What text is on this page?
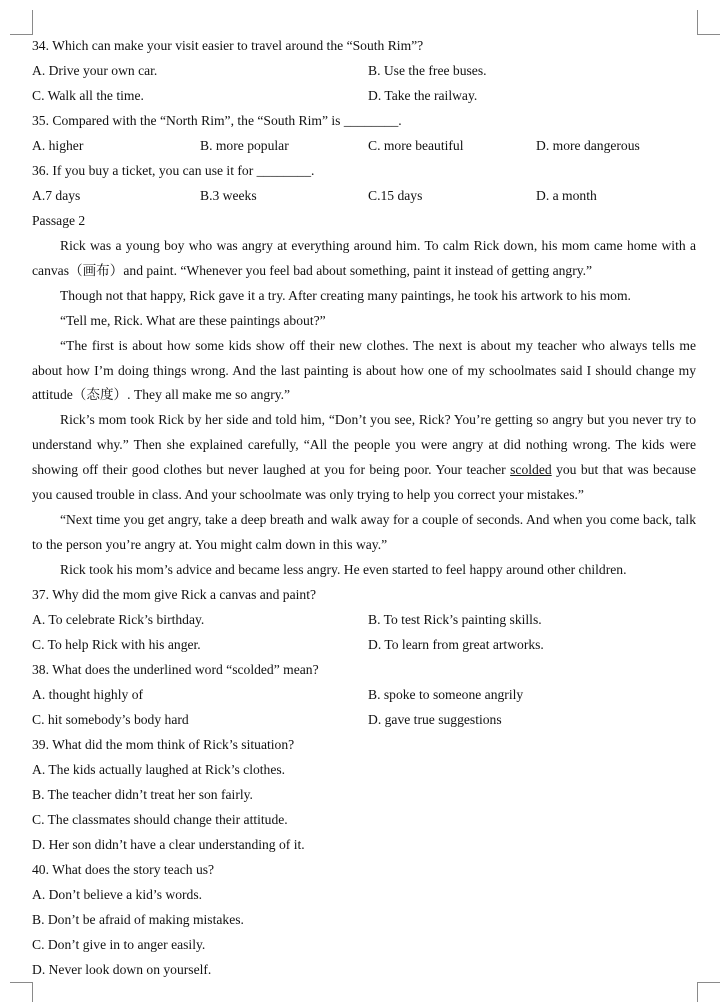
34. Which can make your visit easier to travel around the “South Rim”?
A. Drive your own car.	B. Use the free buses.
C. Walk all the time.	D. Take the railway.
35. Compared with the “North Rim”, the “South Rim” is ________.
A. higher	B. more popular	C. more beautiful	D. more dangerous
36. If you buy a ticket, you can use it for ________.
A.7 days	B.3 weeks	C.15 days	D. a month
Passage 2

Rick was a young boy who was angry at everything around him. To calm Rick down, his mom came home with a canvas（画布）and paint. “Whenever you feel bad about something, paint it instead of getting angry.”

Though not that happy, Rick gave it a try. After creating many paintings, he took his artwork to his mom.

“Tell me, Rick. What are these paintings about?”

“The first is about how some kids show off their new clothes. The next is about my teacher who always tells me about how I’m doing things wrong. And the last painting is about how one of my schoolmates said I should change my attitude（态度）. They all make me so angry.”

Rick’s mom took Rick by her side and told him, “Don’t you see, Rick? You’re getting so angry but you never try to understand why.” Then she explained carefully, “All the people you were angry at did nothing wrong. The kids were showing off their good clothes but never laughed at you for being poor. Your teacher scolded you but that was because you caused trouble in class. And your schoolmate was only trying to help you correct your mistakes.”

“Next time you get angry, take a deep breath and walk away for a couple of seconds. And when you come back, talk to the person you’re angry at. You might calm down in this way.”

Rick took his mom’s advice and became less angry. He even started to feel happy around other children.

37. Why did the mom give Rick a canvas and paint?
A. To celebrate Rick’s birthday.	B. To test Rick’s painting skills.
C. To help Rick with his anger.	D. To learn from great artworks.
38. What does the underlined word “scolded” mean?
A. thought highly of	B. spoke to someone angrily
C. hit somebody’s body hard	D. gave true suggestions
39. What did the mom think of Rick’s situation?
A. The kids actually laughed at Rick’s clothes.
B. The teacher didn’t treat her son fairly.
C. The classmates should change their attitude.
D. Her son didn’t have a clear understanding of it.
40. What does the story teach us?
A. Don’t believe a kid’s words.
B. Don’t be afraid of making mistakes.
C. Don’t give in to anger easily.
D. Never look down on yourself.
